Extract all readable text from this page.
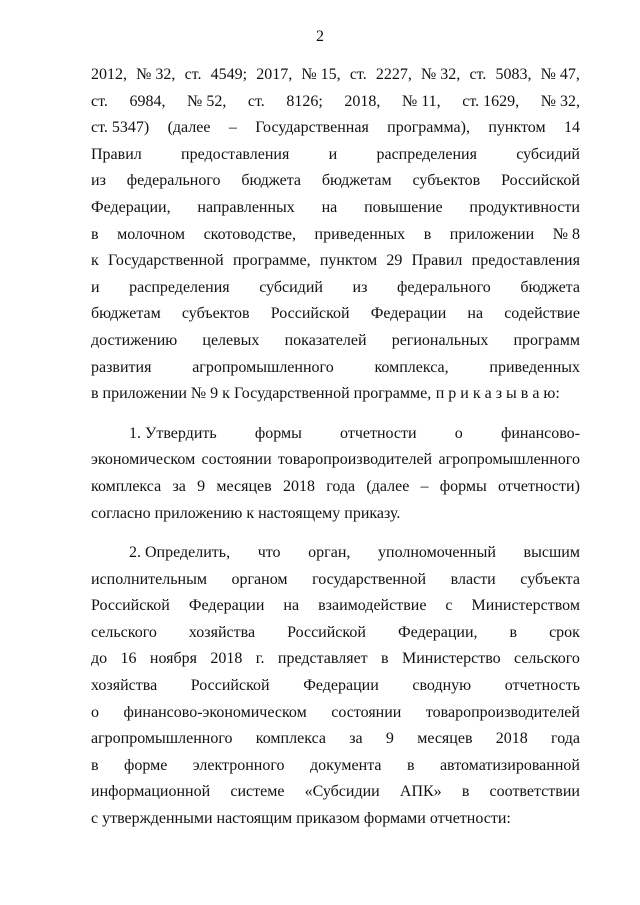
2
2012, № 32, ст. 4549; 2017, № 15, ст. 2227, № 32, ст. 5083, № 47,
ст. 6984, № 52, ст. 8126; 2018, № 11, ст. 1629, № 32,
ст. 5347) (далее – Государственная программа), пунктом 14
Правил предоставления и распределения субсидий
из федерального бюджета бюджетам субъектов Российской
Федерации, направленных на повышение продуктивности
в молочном скотоводстве, приведенных в приложении № 8
к Государственной программе, пунктом 29 Правил предоставления
и распределения субсидий из федерального бюджета
бюджетам субъектов Российской Федерации на содействие
достижению целевых показателей региональных программ
развития	агропромышленного	комплекса,	приведенных
в приложении № 9 к Государственной программе, п р и к а з ы в а ю:
1. Утвердить формы отчетности о финансово-
экономическом состоянии товаропроизводителей агропромышленного
комплекса за 9 месяцев 2018 года (далее – формы отчетности)
согласно приложению к настоящему приказу.
2. Определить, что орган, уполномоченный высшим
исполнительным органом государственной власти субъекта
Российской Федерации на взаимодействие с Министерством
сельского хозяйства Российской Федерации, в срок
до 16 ноября 2018 г. представляет в Министерство сельского
хозяйства Российской Федерации сводную отчетность
о финансово-экономическом состоянии товаропроизводителей
агропромышленного комплекса за 9 месяцев 2018 года
в форме электронного документа в автоматизированной
информационной системе «Субсидии АПК» в соответствии
с утвержденными настоящим приказом формами отчетности:
